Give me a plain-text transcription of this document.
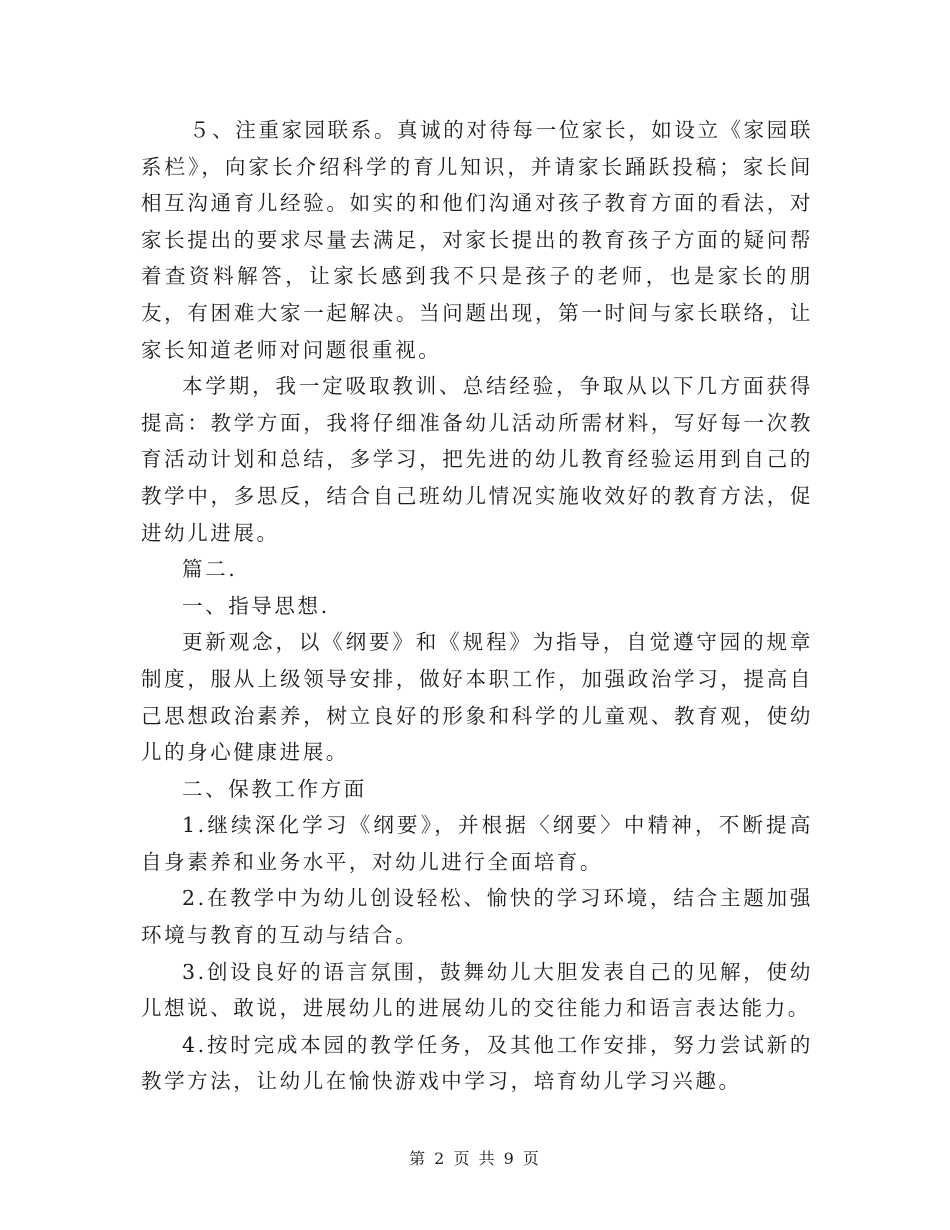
５、注重家园联系。真诚的对待每一位家长，如设立《家园联系栏》，向家长介绍科学的育儿知识，并请家长踊跃投稿；家长间相互沟通育儿经验。如实的和他们沟通对孩子教育方面的看法，对家长提出的要求尽量去满足，对家长提出的教育孩子方面的疑问帮着查资料解答，让家长感到我不只是孩子的老师，也是家长的朋友，有困难大家一起解决。当问题出现，第一时间与家长联络，让家长知道老师对问题很重视。

本学期，我一定吸取教训、总结经验，争取从以下几方面获得提高：教学方面，我将仔细准备幼儿活动所需材料，写好每一次教育活动计划和总结，多学习，把先进的幼儿教育经验运用到自己的教学中，多思反，结合自己班幼儿情况实施收效好的教育方法，促进幼儿进展。

篇二.

一、指导思想.

更新观念，以《纲要》和《规程》为指导，自觉遵守园的规章制度，服从上级领导安排，做好本职工作，加强政治学习，提高自己思想政治素养，树立良好的形象和科学的儿童观、教育观，使幼儿的身心健康进展。

二、保教工作方面

1.继续深化学习《纲要》，并根据〈纲要〉中精神，不断提高自身素养和业务水平，对幼儿进行全面培育。

2.在教学中为幼儿创设轻松、愉快的学习环境，结合主题加强环境与教育的互动与结合。

3.创设良好的语言氛围，鼓舞幼儿大胆发表自己的见解，使幼儿想说、敢说，进展幼儿的进展幼儿的交往能力和语言表达能力。

4.按时完成本园的教学任务，及其他工作安排，努力尝试新的教学方法，让幼儿在愉快游戏中学习，培育幼儿学习兴趣。

第 2 页 共 9 页
